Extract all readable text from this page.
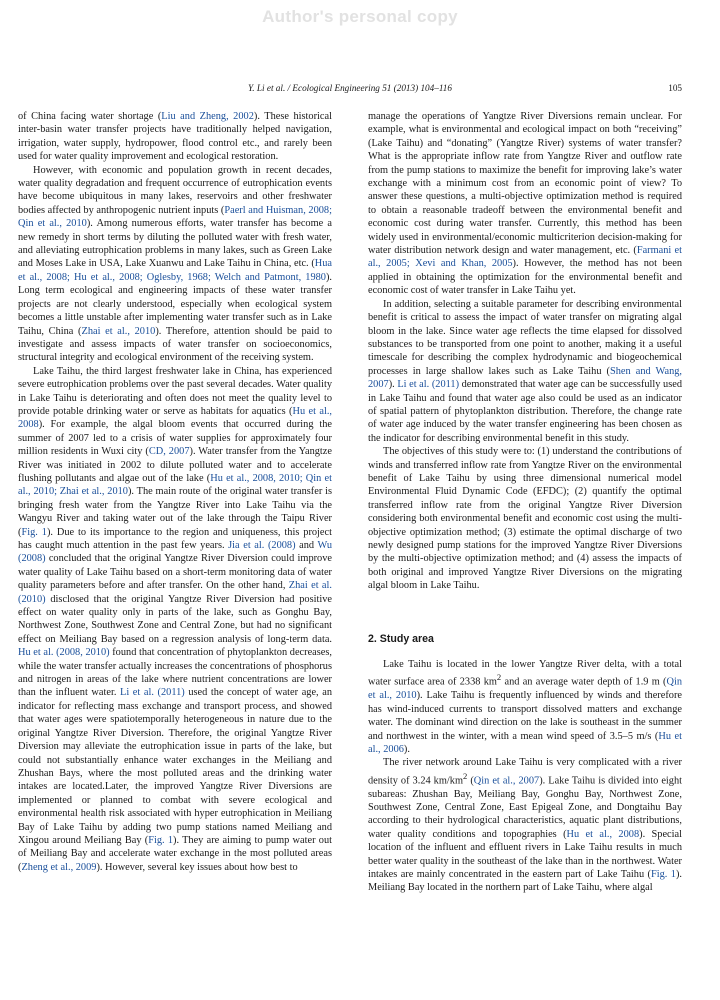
Author's personal copy
Y. Li et al. / Ecological Engineering 51 (2013) 104–116	105

of China facing water shortage (Liu and Zheng, 2002). These historical inter-basin water transfer projects have traditionally helped navigation, irrigation, water supply, hydropower, flood control etc., and rarely been used for water quality improvement and ecological restoration.

However, with economic and population growth in recent decades, water quality degradation and frequent occurrence of eutrophication events have become ubiquitous in many lakes, reservoirs and other freshwater bodies affected by anthropogenic nutrient inputs (Paerl and Huisman, 2008; Qin et al., 2010). Among numerous efforts, water transfer has become a new remedy in short terms by diluting the polluted water with fresh water, and alleviating eutrophication problems in many lakes, such as Green Lake and Moses Lake in USA, Lake Xuanwu and Lake Taihu in China, etc. (Hua et al., 2008; Hu et al., 2008; Oglesby, 1968; Welch and Patmont, 1980). Long term ecological and engineering impacts of these water transfer projects are not clearly understood, especially when ecological system becomes a little unstable after implementing water transfer such as in Lake Taihu, China (Zhai et al., 2010). Therefore, attention should be paid to investigate and assess impacts of water transfer on socioeconomics, structural integrity and ecological environment of the receiving system.

Lake Taihu, the third largest freshwater lake in China, has experienced severe eutrophication problems over the past several decades. Water quality in Lake Taihu is deteriorating and often does not meet the quality level to provide potable drinking water or serve as habitats for aquatics (Hu et al., 2008). For example, the algal bloom events that occurred during the summer of 2007 led to a crisis of water supplies for approximately four million residents in Wuxi city (CD, 2007). Water transfer from the Yangtze River was initiated in 2002 to dilute polluted water and to accelerate flushing pollutants and algae out of the lake (Hu et al., 2008, 2010; Qin et al., 2010; Zhai et al., 2010). The main route of the original water transfer is bringing fresh water from the Yangtze River into Lake Taihu via the Wangyu River and taking water out of the lake through the Taipu River (Fig. 1). Due to its importance to the region and uniqueness, this project has caught much attention in the past few years. Jia et al. (2008) and Wu (2008) concluded that the original Yangtze River Diversion could improve water quality of Lake Taihu based on a short-term monitoring data of water quality parameters before and after transfer. On the other hand, Zhai et al. (2010) disclosed that the original Yangtze River Diversion had positive effect on water quality only in parts of the lake, such as Gonghu Bay, Northwest Zone, Southwest Zone and Central Zone, but had no significant effect on Meiliang Bay based on a regression analysis of long-term data. Hu et al. (2008, 2010) found that concentration of phytoplankton decreases, while the water transfer actually increases the concentrations of phosphorus and nitrogen in areas of the lake where nutrient concentrations are lower than the influent water. Li et al. (2011) used the concept of water age, an indicator for reflecting mass exchange and transport process, and showed that water ages were spatiotemporally heterogeneous in nature due to the original Yangtze River Diversion. Therefore, the original Yangtze River Diversion may alleviate the eutrophication issue in parts of the lake, but could not substantially enhance water exchanges in the Meiliang and Zhushan Bays, where the most polluted areas and the drinking water intakes are located.Later, the improved Yangtze River Diversions are implemented or planned to combat with severe ecological and environmental health risk associated with hyper eutrophication in Meiliang Bay of Lake Taihu by adding two pump stations named Meiliang and Xingou around Meiliang Bay (Fig. 1). They are aiming to pump water out of Meiliang Bay and accelerate water exchange in the most polluted areas (Zheng et al., 2009). However, several key issues about how best to

manage the operations of Yangtze River Diversions remain unclear. For example, what is environmental and ecological impact on both “receiving” (Lake Taihu) and “donating” (Yangtze River) systems of water transfer? What is the appropriate inflow rate from Yangtze River and outflow rate from the pump stations to maximize the benefit for improving lake’s water exchange with a minimum cost from an economic point of view? To answer these questions, a multi-objective optimization method is required to obtain a reasonable tradeoff between the environmental benefit and economic cost during water transfer. Currently, this method has been widely used in environmental/economic multicriterion decision-making for water distribution network design and water management, etc. (Farmani et al., 2005; Xevi and Khan, 2005). However, the method has not been applied in obtaining the optimization for the environmental benefit and economic cost of water transfer in Lake Taihu yet.

In addition, selecting a suitable parameter for describing environmental benefit is critical to assess the impact of water transfer on migrating algal bloom in the lake. Since water age reflects the time elapsed for dissolved substances to be transported from one point to another, making it a useful timescale for describing the complex hydrodynamic and biogeochemical processes in large shallow lakes such as Lake Taihu (Shen and Wang, 2007). Li et al. (2011) demonstrated that water age can be successfully used in Lake Taihu and found that water age also could be used as an indicator of spatial pattern of phytoplankton distribution. Therefore, the change rate of water age induced by the water transfer engineering has been chosen as the indicator for describing environmental benefit in this study.

The objectives of this study were to: (1) understand the contributions of winds and transferred inflow rate from Yangtze River on the environmental benefit of Lake Taihu by using three dimensional numerical model Environmental Fluid Dynamic Code (EFDC); (2) quantify the optimal transferred inflow rate from the original Yangtze River Diversion considering both environmental benefit and economic cost using the multi-objective optimization method; (3) estimate the optimal discharge of two newly designed pump stations for the improved Yangtze River Diversions by the multi-objective optimization method; and (4) assess the impacts of both original and improved Yangtze River Diversions on the migrating algal bloom in Lake Taihu.

2. Study area

Lake Taihu is located in the lower Yangtze River delta, with a total water surface area of 2338 $km^2$ and an average water depth of 1.9 m (Qin et al., 2010). Lake Taihu is frequently influenced by winds and therefore has wind-induced currents to transport dissolved matters and exchange water. The dominant wind direction on the lake is southeast in the summer and northwest in the winter, with a mean wind speed of 3.5–5 m/s (Hu et al., 2006).

The river network around Lake Taihu is very complicated with a river density of 3.24 $km/km^2$ (Qin et al., 2007). Lake Taihu is divided into eight subareas: Zhushan Bay, Meiliang Bay, Gonghu Bay, Northwest Zone, Southwest Zone, Central Zone, East Epigeal Zone, and Dongtaihu Bay according to their hydrological characteristics, aquatic plant distributions, water quality conditions and topographies (Hu et al., 2008). Special location of the influent and effluent rivers in Lake Taihu results in much better water quality in the southeast of the lake than in the northwest. Water intakes are mainly concentrated in the eastern part of Lake Taihu (Fig. 1). Meiliang Bay located in the northern part of Lake Taihu, where algal
